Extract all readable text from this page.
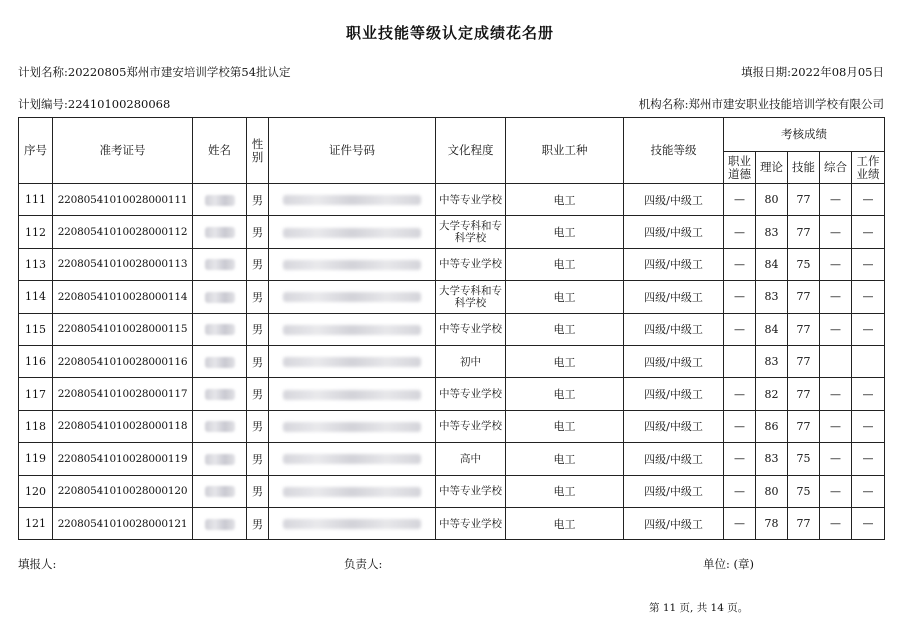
职业技能等级认定成绩花名册
计划名称:20220805郑州市建安培训学校第54批认定	填报日期:2022年08月05日
计划编号:22410100280068	机构名称:郑州市建安职业技能培训学校有限公司
序号	准考证号	姓名	性别	证件号码	文化程度	职业工种	技能等级	考核成绩				
								职业道德	理论	技能	综合	工作业绩
111	22080541010028000111		男		中等专业学校	电工	四级/中级工	—	80	77	—	—
112	22080541010028000112		男		大学专科和专科学校	电工	四级/中级工	—	83	77	—	—
113	22080541010028000113		男		中等专业学校	电工	四级/中级工	—	84	75	—	—
114	22080541010028000114		男		大学专科和专科学校	电工	四级/中级工	—	83	77	—	—
115	22080541010028000115		男		中等专业学校	电工	四级/中级工	—	84	77	—	—
116	22080541010028000116		男		初中	电工	四级/中级工		83	77		
117	22080541010028000117		男		中等专业学校	电工	四级/中级工	—	82	77	—	—
118	22080541010028000118		男		中等专业学校	电工	四级/中级工	—	86	77	—	—
119	22080541010028000119		男		高中	电工	四级/中级工	—	83	75	—	—
120	22080541010028000120		男		中等专业学校	电工	四级/中级工	—	80	75	—	—
121	22080541010028000121		男		中等专业学校	电工	四级/中级工	—	78	77	—	—
填报人:	负责人:	单位: (章)
第 11 页, 共 14 页。
